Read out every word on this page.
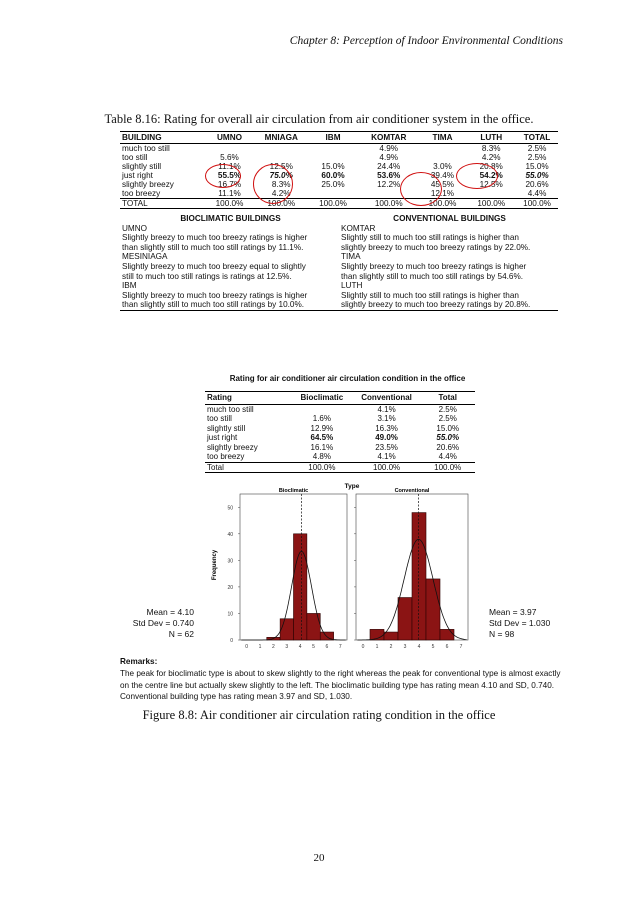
Chapter 8: Perception of Indoor Environmental Conditions
Table 8.16: Rating for overall air circulation from air conditioner system in the office.
BUILDING	UMNO	MNIAGA	IBM	KOMTAR	TIMA	LUTH	TOTAL
much too still				4.9%		8.3%	2.5%
too still	5.6%			4.9%		4.2%	2.5%
slightly still	11.1%	12.5%	15.0%	24.4%	3.0%	20.8%	15.0%
just right	55.5%	75.0%	60.0%	53.6%	39.4%	54.2%	55.0%
slightly breezy	16.7%	8.3%	25.0%	12.2%	45.5%	12.5%	20.6%
too breezy	11.1%	4.2%			12.1%		4.4%
TOTAL	100.0%	100.0%	100.0%	100.0%	100.0%	100.0%	100.0%
BIOCLIMATIC BUILDINGS	CONVENTIONAL BUILDINGS
UMNO
Slightly breezy to much too breezy ratings is higher
than slightly still to much too still ratings by 11.1%.
MESINIAGA
Slightly breezy to much too breezy equal to slightly
still to much too still ratings is ratings at 12.5%.
IBM
Slightly breezy to much too breezy ratings is higher
than slightly still to much too still ratings by 10.0%.
KOMTAR
Slightly still to much too still ratings is higher than
slightly breezy to much too breezy ratings by 22.0%.
TIMA
Slightly breezy to much too breezy ratings is higher
than slightly still to much too still ratings by 54.6%.
LUTH
Slightly still to much too still ratings is higher than
slightly breezy to much too breezy ratings by 20.8%.
Rating for air conditioner air circulation condition in the office
Rating	Bioclimatic	Conventional	Total
much too still		4.1%	2.5%
too still	1.6%	3.1%	2.5%
slightly still	12.9%	16.3%	15.0%
just right	64.5%	49.0%	55.0%
slightly breezy	16.1%	23.5%	20.6%
too breezy	4.8%	4.1%	4.4%
Total	100.0%	100.0%	100.0%
Type
Frequency
0
10
20
30
40
50
Bioclimatic
0 1 2 3 4 5 6 7
Conventional
0 1 2 3 4 5 6 7
Mean = 4.10
Std Dev = 0.740
N = 62
Mean = 3.97
Std Dev = 1.030
N = 98
Remarks:
The peak for bioclimatic type is about to skew slightly to the right whereas the peak for conventional type is almost exactly on the centre line but actually skew slightly to the left. The bioclimatic building type has rating mean 4.10 and SD, 0.740. Conventional building type has rating mean 3.97 and SD, 1.030.
Figure 8.8: Air conditioner air circulation rating condition in the office
20
